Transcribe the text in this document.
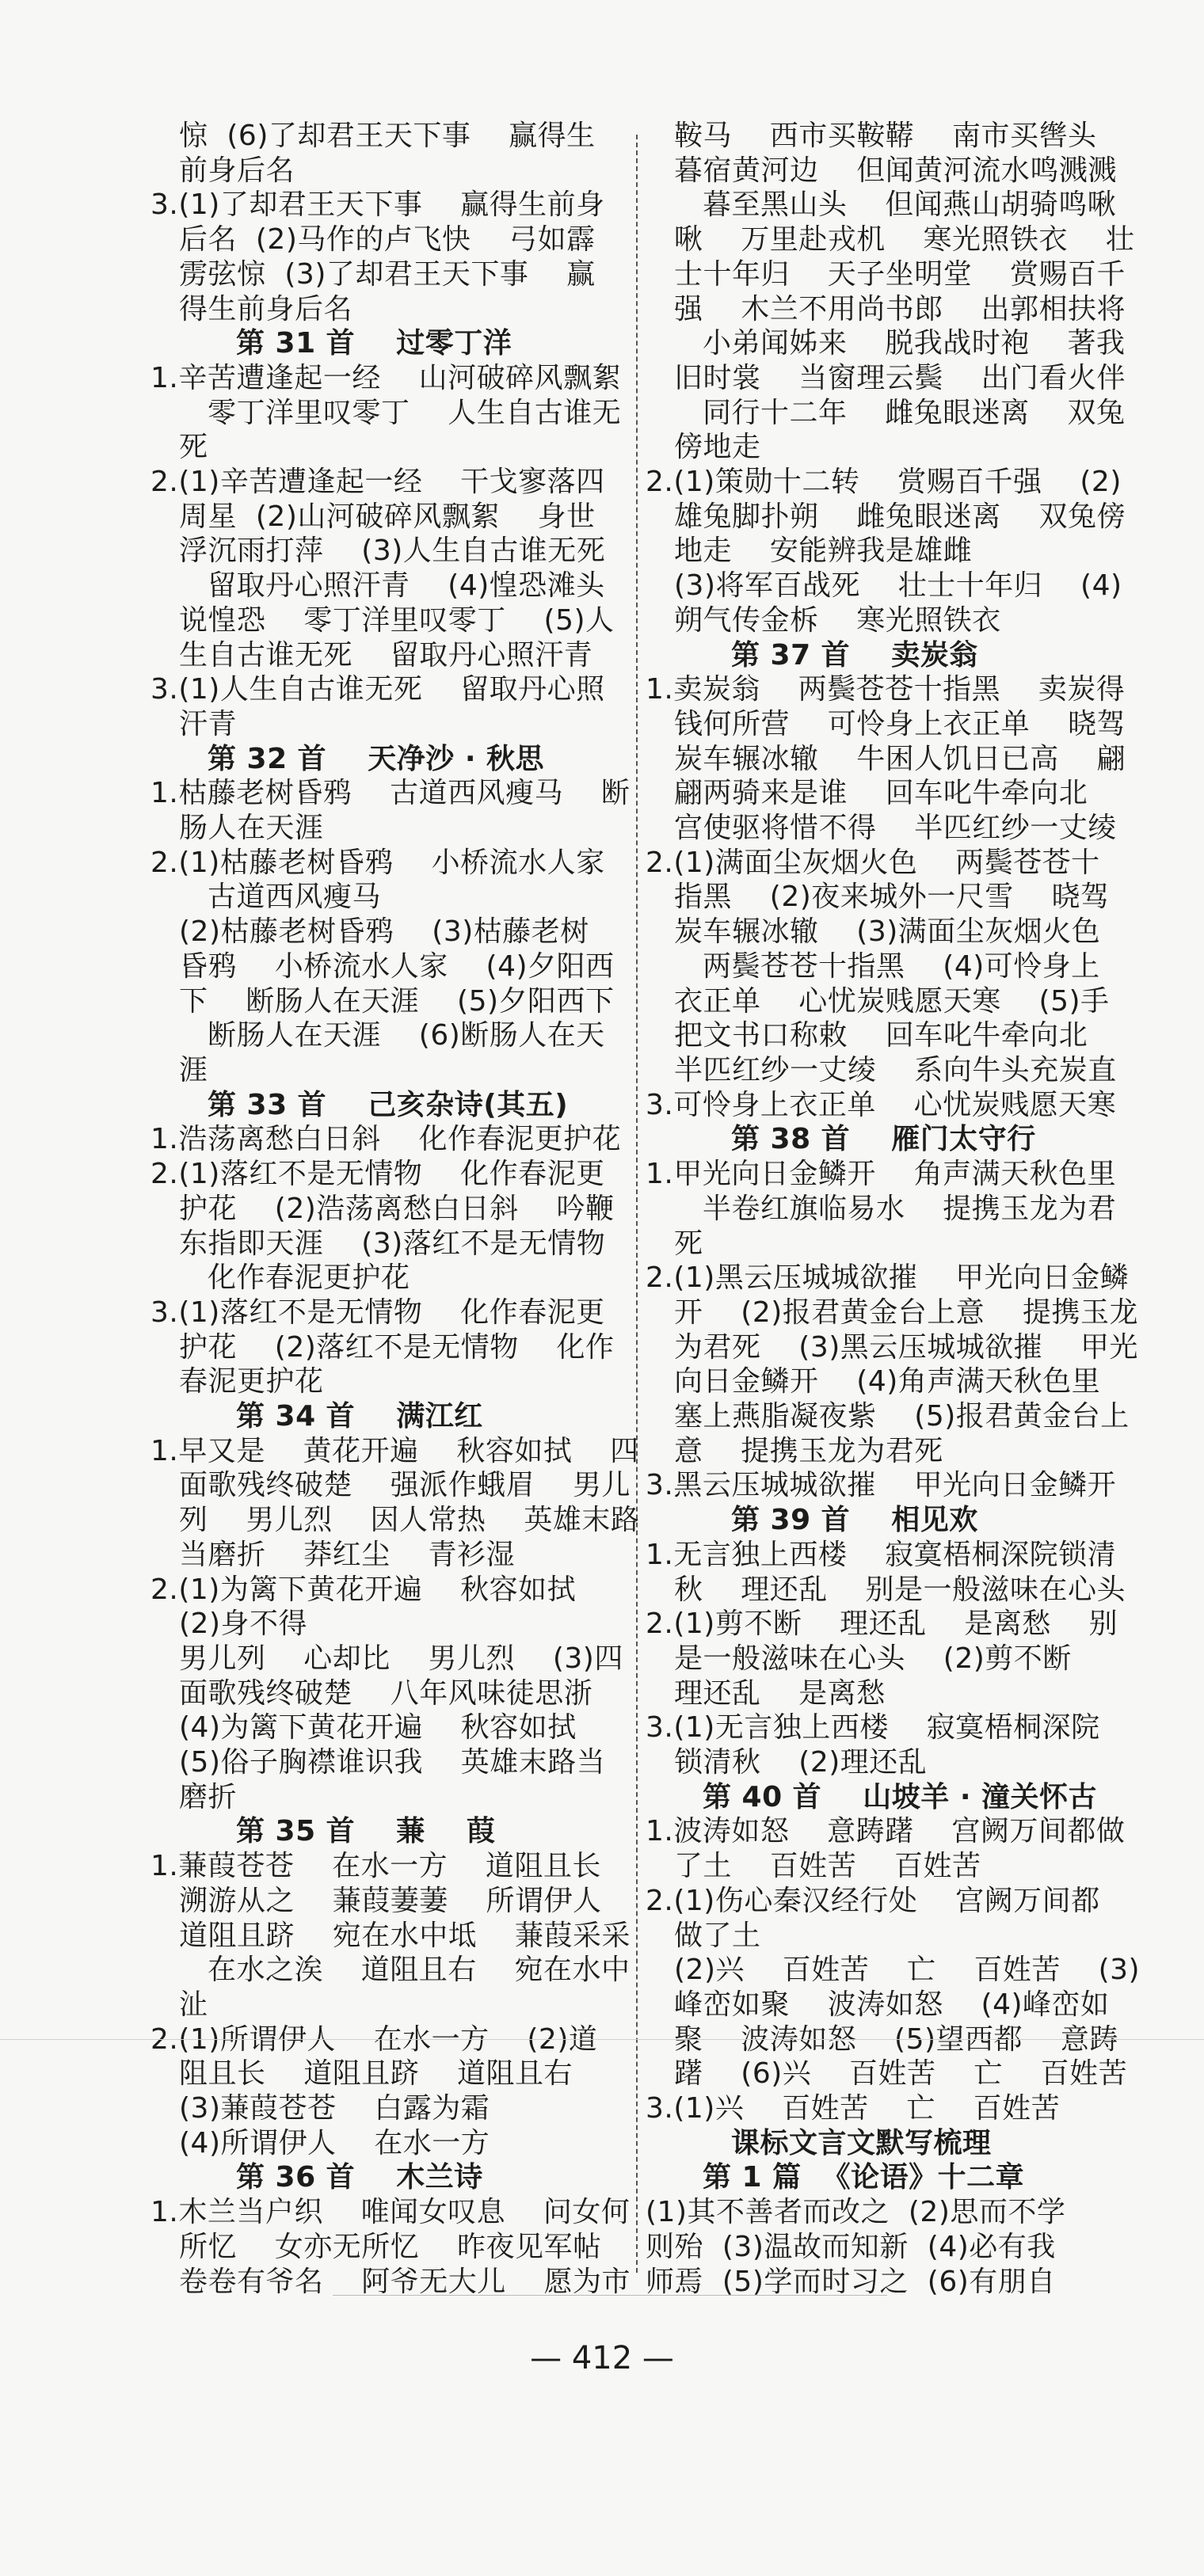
惊  (6)了却君王天下事    赢得生

前身后名

3.(1)了却君王天下事    赢得生前身

后名  (2)马作的卢飞快    弓如霹

雳弦惊  (3)了却君王天下事    赢

得生前身后名

第 31 首    过零丁洋

1.辛苦遭逢起一经    山河破碎风飘絮

零丁洋里叹零丁    人生自古谁无

死

2.(1)辛苦遭逢起一经    干戈寥落四

周星  (2)山河破碎风飘絮    身世

浮沉雨打萍    (3)人生自古谁无死

留取丹心照汗青    (4)惶恐滩头

说惶恐    零丁洋里叹零丁    (5)人

生自古谁无死    留取丹心照汗青

3.(1)人生自古谁无死    留取丹心照

汗青

第 32 首    天净沙 · 秋思

1.枯藤老树昏鸦    古道西风瘦马    断

肠人在天涯

2.(1)枯藤老树昏鸦    小桥流水人家

古道西风瘦马

(2)枯藤老树昏鸦    (3)枯藤老树

昏鸦    小桥流水人家    (4)夕阳西

下    断肠人在天涯    (5)夕阳西下

断肠人在天涯    (6)断肠人在天

涯

第 33 首    己亥杂诗(其五)

1.浩荡离愁白日斜    化作春泥更护花

2.(1)落红不是无情物    化作春泥更

护花    (2)浩荡离愁白日斜    吟鞭

东指即天涯    (3)落红不是无情物

化作春泥更护花

3.(1)落红不是无情物    化作春泥更

护花    (2)落红不是无情物    化作

春泥更护花

第 34 首    满江红

1.早又是    黄花开遍    秋容如拭    四

面歌残终破楚    强派作蛾眉    男儿

列    男儿烈    因人常热    英雄末路

当磨折    莽红尘    青衫湿

2.(1)为篱下黄花开遍    秋容如拭

(2)身不得

男儿列    心却比    男儿烈    (3)四

面歌残终破楚    八年风味徒思浙

(4)为篱下黄花开遍    秋容如拭

(5)俗子胸襟谁识我    英雄末路当

磨折

第 35 首    蒹    葭

1.蒹葭苍苍    在水一方    道阻且长

溯游从之    蒹葭萋萋    所谓伊人

道阻且跻    宛在水中坻    蒹葭采采

在水之涘    道阻且右    宛在水中

沚

2.(1)所谓伊人    在水一方    (2)道

阻且长    道阻且跻    道阻且右

(3)蒹葭苍苍    白露为霜

(4)所谓伊人    在水一方

第 36 首    木兰诗

1.木兰当户织    唯闻女叹息    问女何

所忆    女亦无所忆    昨夜见军帖

卷卷有爷名    阿爷无大儿    愿为市

鞍马    西市买鞍鞯    南市买辔头

暮宿黄河边    但闻黄河流水鸣溅溅

暮至黑山头    但闻燕山胡骑鸣啾

啾    万里赴戎机    寒光照铁衣    壮

士十年归    天子坐明堂    赏赐百千

强    木兰不用尚书郎    出郭相扶将

小弟闻姊来    脱我战时袍    著我

旧时裳    当窗理云鬓    出门看火伴

同行十二年    雌兔眼迷离    双兔

傍地走

2.(1)策勋十二转    赏赐百千强    (2)

雄兔脚扑朔    雌兔眼迷离    双兔傍

地走    安能辨我是雄雌

(3)将军百战死    壮士十年归    (4)

朔气传金柝    寒光照铁衣

第 37 首    卖炭翁

1.卖炭翁    两鬓苍苍十指黑    卖炭得

钱何所营    可怜身上衣正单    晓驾

炭车辗冰辙    牛困人饥日已高    翩

翩两骑来是谁    回车叱牛牵向北

宫使驱将惜不得    半匹红纱一丈绫

2.(1)满面尘灰烟火色    两鬓苍苍十

指黑    (2)夜来城外一尺雪    晓驾

炭车辗冰辙    (3)满面尘灰烟火色

两鬓苍苍十指黑    (4)可怜身上

衣正单    心忧炭贱愿天寒    (5)手

把文书口称敕    回车叱牛牵向北

半匹红纱一丈绫    系向牛头充炭直

3.可怜身上衣正单    心忧炭贱愿天寒

第 38 首    雁门太守行

1.甲光向日金鳞开    角声满天秋色里

半卷红旗临易水    提携玉龙为君

死

2.(1)黑云压城城欲摧    甲光向日金鳞

开    (2)报君黄金台上意    提携玉龙

为君死    (3)黑云压城城欲摧    甲光

向日金鳞开    (4)角声满天秋色里

塞上燕脂凝夜紫    (5)报君黄金台上

意    提携玉龙为君死

3.黑云压城城欲摧    甲光向日金鳞开

第 39 首    相见欢

1.无言独上西楼    寂寞梧桐深院锁清

秋    理还乱    别是一般滋味在心头

2.(1)剪不断    理还乱    是离愁    别

是一般滋味在心头    (2)剪不断

理还乱    是离愁

3.(1)无言独上西楼    寂寞梧桐深院

锁清秋    (2)理还乱

第 40 首    山坡羊 · 潼关怀古

1.波涛如怒    意踌躇    宫阙万间都做

了土    百姓苦    百姓苦

2.(1)伤心秦汉经行处    宫阙万间都

做了土

(2)兴    百姓苦    亡    百姓苦    (3)

峰峦如聚    波涛如怒    (4)峰峦如

聚    波涛如怒    (5)望西都    意踌

躇    (6)兴    百姓苦    亡    百姓苦

3.(1)兴    百姓苦    亡    百姓苦

课标文言文默写梳理

第 1 篇  《论语》十二章

(1)其不善者而改之  (2)思而不学

则殆  (3)温故而知新  (4)必有我

师焉  (5)学而时习之  (6)有朋自

— 412 —
